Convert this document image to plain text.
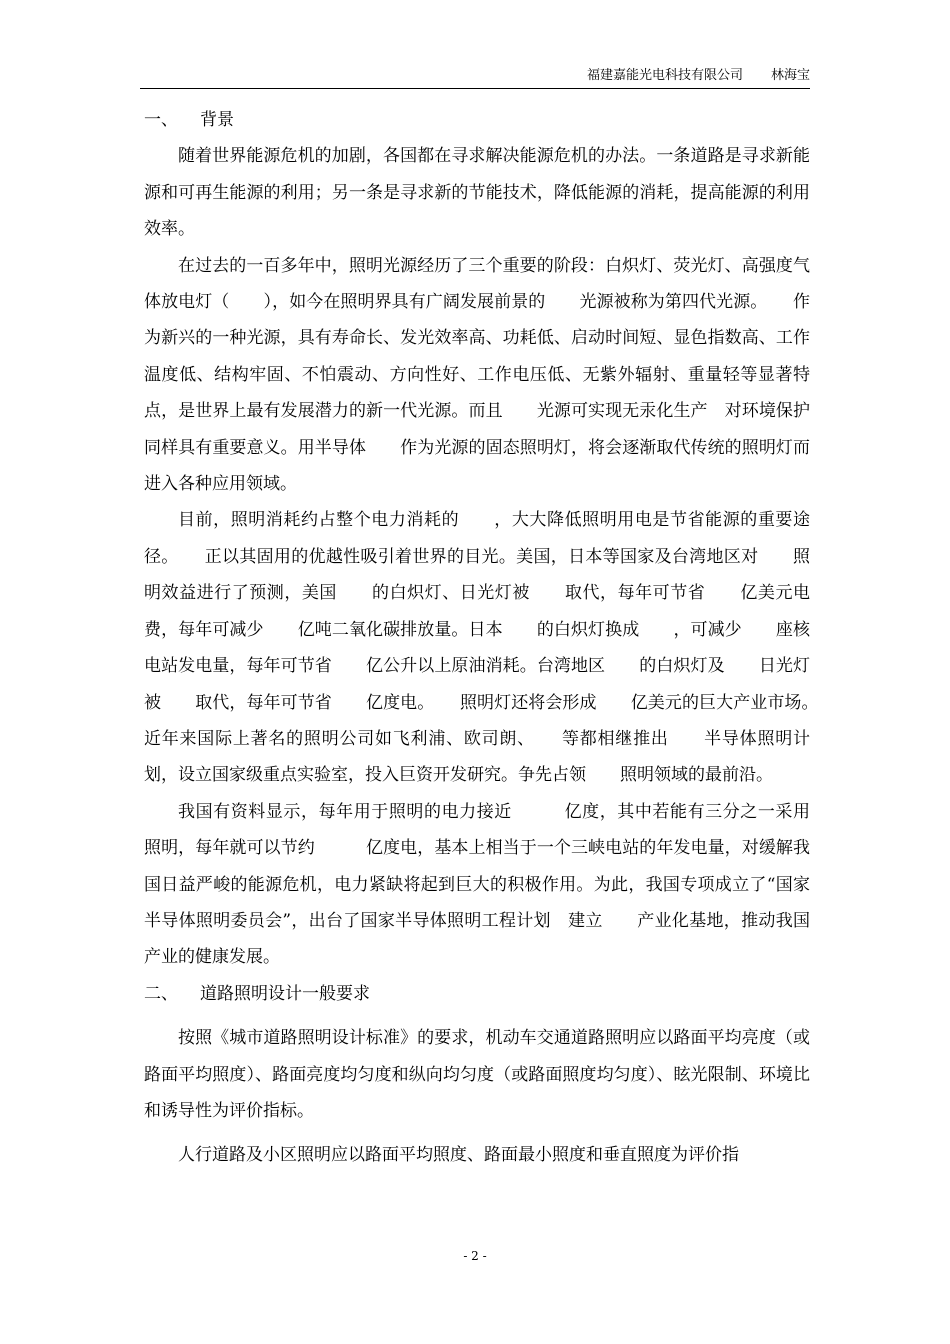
福建嘉能光电科技有限公司 林海宝
一、 背景

随着世界能源危机的加剧，各国都在寻求解决能源危机的办法。一条道路是寻求新能源和可再生能源的利用；另一条是寻求新的节能技术，降低能源的消耗，提高能源的利用效率。

在过去的一百多年中，照明光源经历了三个重要的阶段：白炽灯、荧光灯、高强度气体放电灯（　　），如今在照明界具有广阔发展前景的　　光源被称为第四代光源。　　作为新兴的一种光源，具有寿命长、发光效率高、功耗低、启动时间短、显色指数高、工作温度低、结构牢固、不怕震动、方向性好、工作电压低、无紫外辐射、重量轻等显著特点，是世界上最有发展潜力的新一代光源。而且　　光源可实现无汞化生产　对环境保护同样具有重要意义。用半导体　　作为光源的固态照明灯，将会逐渐取代传统的照明灯而进入各种应用领域。

目前，照明消耗约占整个电力消耗的　　，大大降低照明用电是节省能源的重要途径。　　正以其固用的优越性吸引着世界的目光。美国，日本等国家及台湾地区对　　照明效益进行了预测，美国　　的白炽灯、日光灯被　　取代，每年可节省　　亿美元电费，每年可减少　　亿吨二氧化碳排放量。日本　　的白炽灯换成　　，可减少　　座核电站发电量，每年可节省　　亿公升以上原油消耗。台湾地区　　的白炽灯及　　日光灯被　　取代，每年可节省　　亿度电。　　照明灯还将会形成　　亿美元的巨大产业市场。　近年来国际上著名的照明公司如飞利浦、欧司朗、　　等都相继推出　　半导体照明计划，设立国家级重点实验室，投入巨资开发研究。争先占领　　照明领域的最前沿。

我国有资料显示，每年用于照明的电力接近　　　亿度，其中若能有三分之一采用　　照明，每年就可以节约　　　亿度电，基本上相当于一个三峡电站的年发电量，对缓解我国日益严峻的能源危机，电力紧缺将起到巨大的积极作用。为此，我国专项成立了“国家半导体照明委员会”，出台了国家半导体照明工程计划　建立　　产业化基地，推动我国　　产业的健康发展。

二、 道路照明设计一般要求

按照《城市道路照明设计标准》的要求，机动车交通道路照明应以路面平均亮度（或路面平均照度）、路面亮度均匀度和纵向均匀度（或路面照度均匀度）、眩光限制、环境比和诱导性为评价指标。

人行道路及小区照明应以路面平均照度、路面最小照度和垂直照度为评价指

- 2 -
